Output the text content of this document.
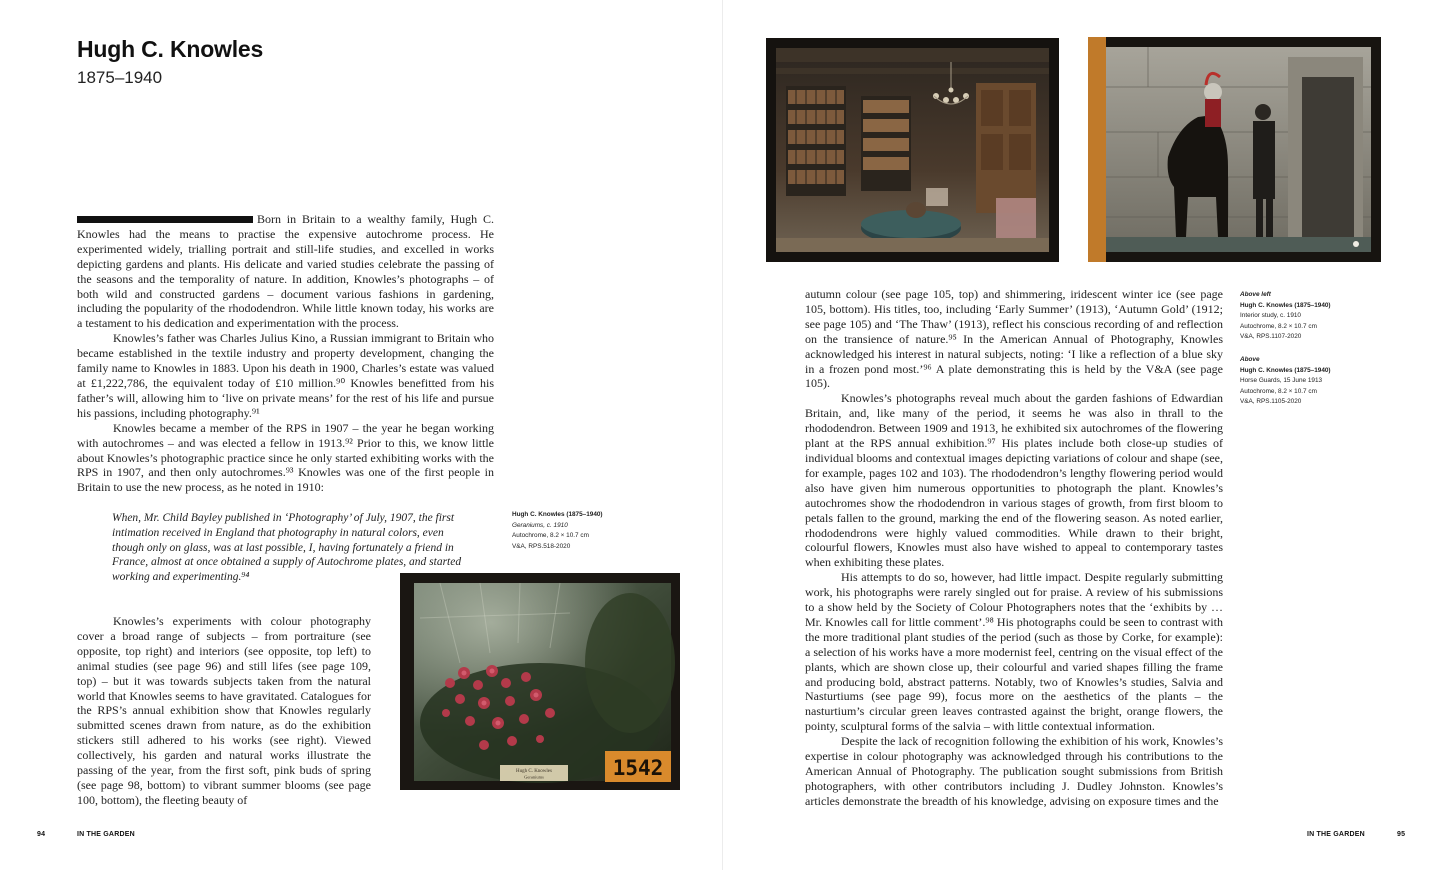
Hugh C. Knowles
1875–1940

Born in Britain to a wealthy family, Hugh C. Knowles had the means to practise the expensive autochrome process. He experimented widely, trialling portrait and still-life studies, and excelled in works depicting gardens and plants. His delicate and varied studies celebrate the passing of the seasons and the temporality of nature. In addition, Knowles’s photographs – of both wild and constructed gardens – document various fashions in gardening, including the popularity of the rhododendron. While little known today, his works are a testament to his dedication and experimentation with the process.

Knowles’s father was Charles Julius Kino, a Russian immigrant to Britain who became established in the textile industry and property development, changing the family name to Knowles in 1883. Upon his death in 1900, Charles’s estate was valued at £1,222,786, the equivalent today of £10 million.⁹⁰ Knowles benefitted from his father’s will, allowing him to ‘live on private means’ for the rest of his life and pursue his passions, including photography.⁹¹

Knowles became a member of the RPS in 1907 – the year he began working with autochromes – and was elected a fellow in 1913.⁹² Prior to this, we know little about Knowles’s photographic practice since he only started exhibiting works with the RPS in 1907, and then only autochromes.⁹³ Knowles was one of the first people in Britain to use the new process, as he noted in 1910:

When, Mr. Child Bayley published in ‘Photography’ of July, 1907, the first intimation received in England that photography in natural colors, even though only on glass, was at last possible, I, having fortunately a friend in France, almost at once obtained a supply of Autochrome plates, and started working and experimenting.⁹⁴

Knowles’s experiments with colour photography cover a broad range of subjects – from portraiture (see opposite, top right) and interiors (see opposite, top left) to animal studies (see page 96) and still lifes (see page 109, top) – but it was towards subjects taken from the natural world that Knowles seems to have gravitated. Catalogues for the RPS’s annual exhibition show that Knowles regularly submitted scenes drawn from nature, as do the exhibition stickers still adhered to his works (see right). Viewed collectively, his garden and natural works illustrate the passing of the year, from the first soft, pink buds of spring (see page 98, bottom) to vibrant summer blooms (see page 100, bottom), the fleeting beauty of

Hugh C. Knowles (1875–1940)
Geraniums, c. 1910
Autochrome, 8.2 × 10.7 cm
V&A, RPS.518-2020
Hugh C. Knowles
Geraniums	1542
94	IN THE GARDEN

autumn colour (see page 105, top) and shimmering, iridescent winter ice (see page 105, bottom). His titles, too, including ‘Early Summer’ (1913), ‘Autumn Gold’ (1912; see page 105) and ‘The Thaw’ (1913), reflect his conscious recording of and reflection on the transience of nature.⁹⁵ In the American Annual of Photography, Knowles acknowledged his interest in natural subjects, noting: ‘I like a reflection of a blue sky in a frozen pond most.’⁹⁶ A plate demonstrating this is held by the V&A (see page 105).

Knowles’s photographs reveal much about the garden fashions of Edwardian Britain, and, like many of the period, it seems he was also in thrall to the rhododendron. Between 1909 and 1913, he exhibited six autochromes of the flowering plant at the RPS annual exhibition.⁹⁷ His plates include both close-up studies of individual blooms and contextual images depicting variations of colour and shape (see, for example, pages 102 and 103). The rhododendron’s lengthy flowering period would also have given him numerous opportunities to photograph the plant. Knowles’s autochromes show the rhododendron in various stages of growth, from first bloom to petals fallen to the ground, marking the end of the flowering season. As noted earlier, rhododendrons were highly valued commodities. While drawn to their bright, colourful flowers, Knowles must also have wished to appeal to contemporary tastes when exhibiting these plates.

His attempts to do so, however, had little impact. Despite regularly submitting work, his photographs were rarely singled out for praise. A review of his submissions to a show held by the Society of Colour Photographers notes that the ‘exhibits by … Mr. Knowles call for little comment’.⁹⁸ His photographs could be seen to contrast with the more traditional plant studies of the period (such as those by Corke, for example): a selection of his works have a more modernist feel, centring on the visual effect of the plants, which are shown close up, their colourful and varied shapes filling the frame and producing bold, abstract patterns. Notably, two of Knowles’s studies, Salvia and Nasturtiums (see page 99), focus more on the aesthetics of the plants – the nasturtium’s circular green leaves contrasted against the bright, orange flowers, the pointy, sculptural forms of the salvia – with little contextual information.

Despite the lack of recognition following the exhibition of his work, Knowles’s expertise in colour photography was acknowledged through his contributions to the American Annual of Photography. The publication sought submissions from British photographers, with other contributors including J. Dudley Johnston. Knowles’s articles demonstrate the breadth of his knowledge, advising on exposure times and the

Above left
Hugh C. Knowles (1875–1940)
Interior study, c. 1910
Autochrome, 8.2 × 10.7 cm
V&A, RPS.1107-2020
Above
Hugh C. Knowles (1875–1940)
Horse Guards, 15 June 1913
Autochrome, 8.2 × 10.7 cm
V&A, RPS.1105-2020
IN THE GARDEN	95
